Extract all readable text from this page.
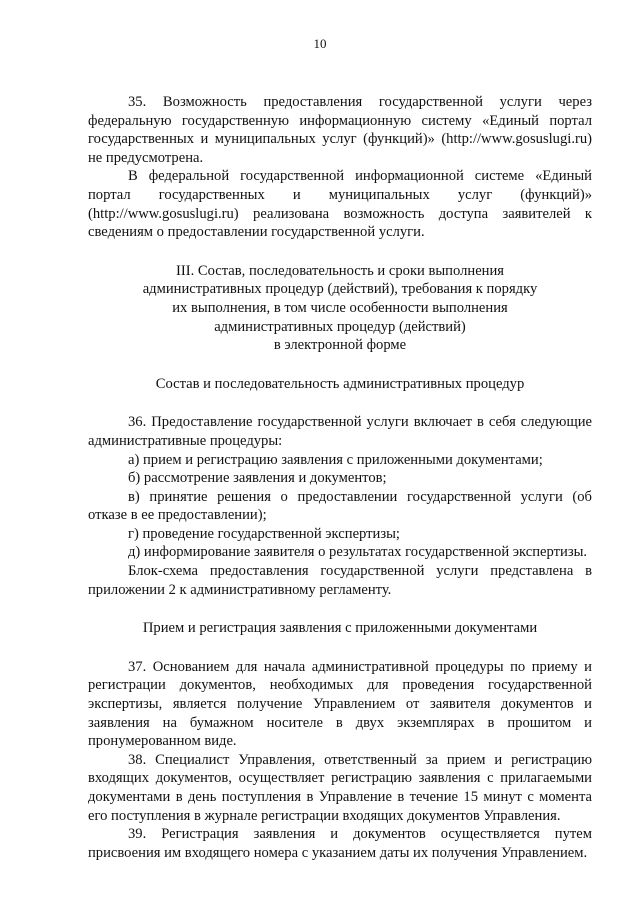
10

35. Возможность предоставления государственной услуги через федеральную государственную информационную систему «Единый портал государственных и муниципальных услуг (функций)» (http://www.gosuslugi.ru) не предусмотрена.

В федеральной государственной информационной системе «Единый портал государственных и муниципальных услуг (функций)» (http://www.gosuslugi.ru) реализована возможность доступа заявителей к сведениям о предоставлении государственной услуги.

III. Состав, последовательность и сроки выполнения
административных процедур (действий), требования к порядку
их выполнения, в том числе особенности выполнения
административных процедур (действий)
в электронной форме
Состав и последовательность административных процедур

36. Предоставление государственной услуги включает в себя следующие административные процедуры:

а) прием и регистрацию заявления с приложенными документами;

б) рассмотрение заявления и документов;

в) принятие решения о предоставлении государственной услуги (об отказе в ее предоставлении);

г) проведение государственной экспертизы;

д) информирование заявителя о результатах государственной экспертизы.

Блок-схема предоставления государственной услуги представлена в приложении 2 к административному регламенту.

Прием и регистрация заявления с приложенными документами

37. Основанием для начала административной процедуры по приему и регистрации документов, необходимых для проведения государственной экспертизы, является получение Управлением от заявителя документов и заявления на бумажном носителе в двух экземплярах в прошитом и пронумерованном виде.

38. Специалист Управления, ответственный за прием и регистрацию входящих документов, осуществляет регистрацию заявления с прилагаемыми документами в день поступления в Управление в течение 15 минут с момента его поступления в журнале регистрации входящих документов Управления.

39. Регистрация заявления и документов осуществляется путем присвоения им входящего номера с указанием даты их получения Управлением.
